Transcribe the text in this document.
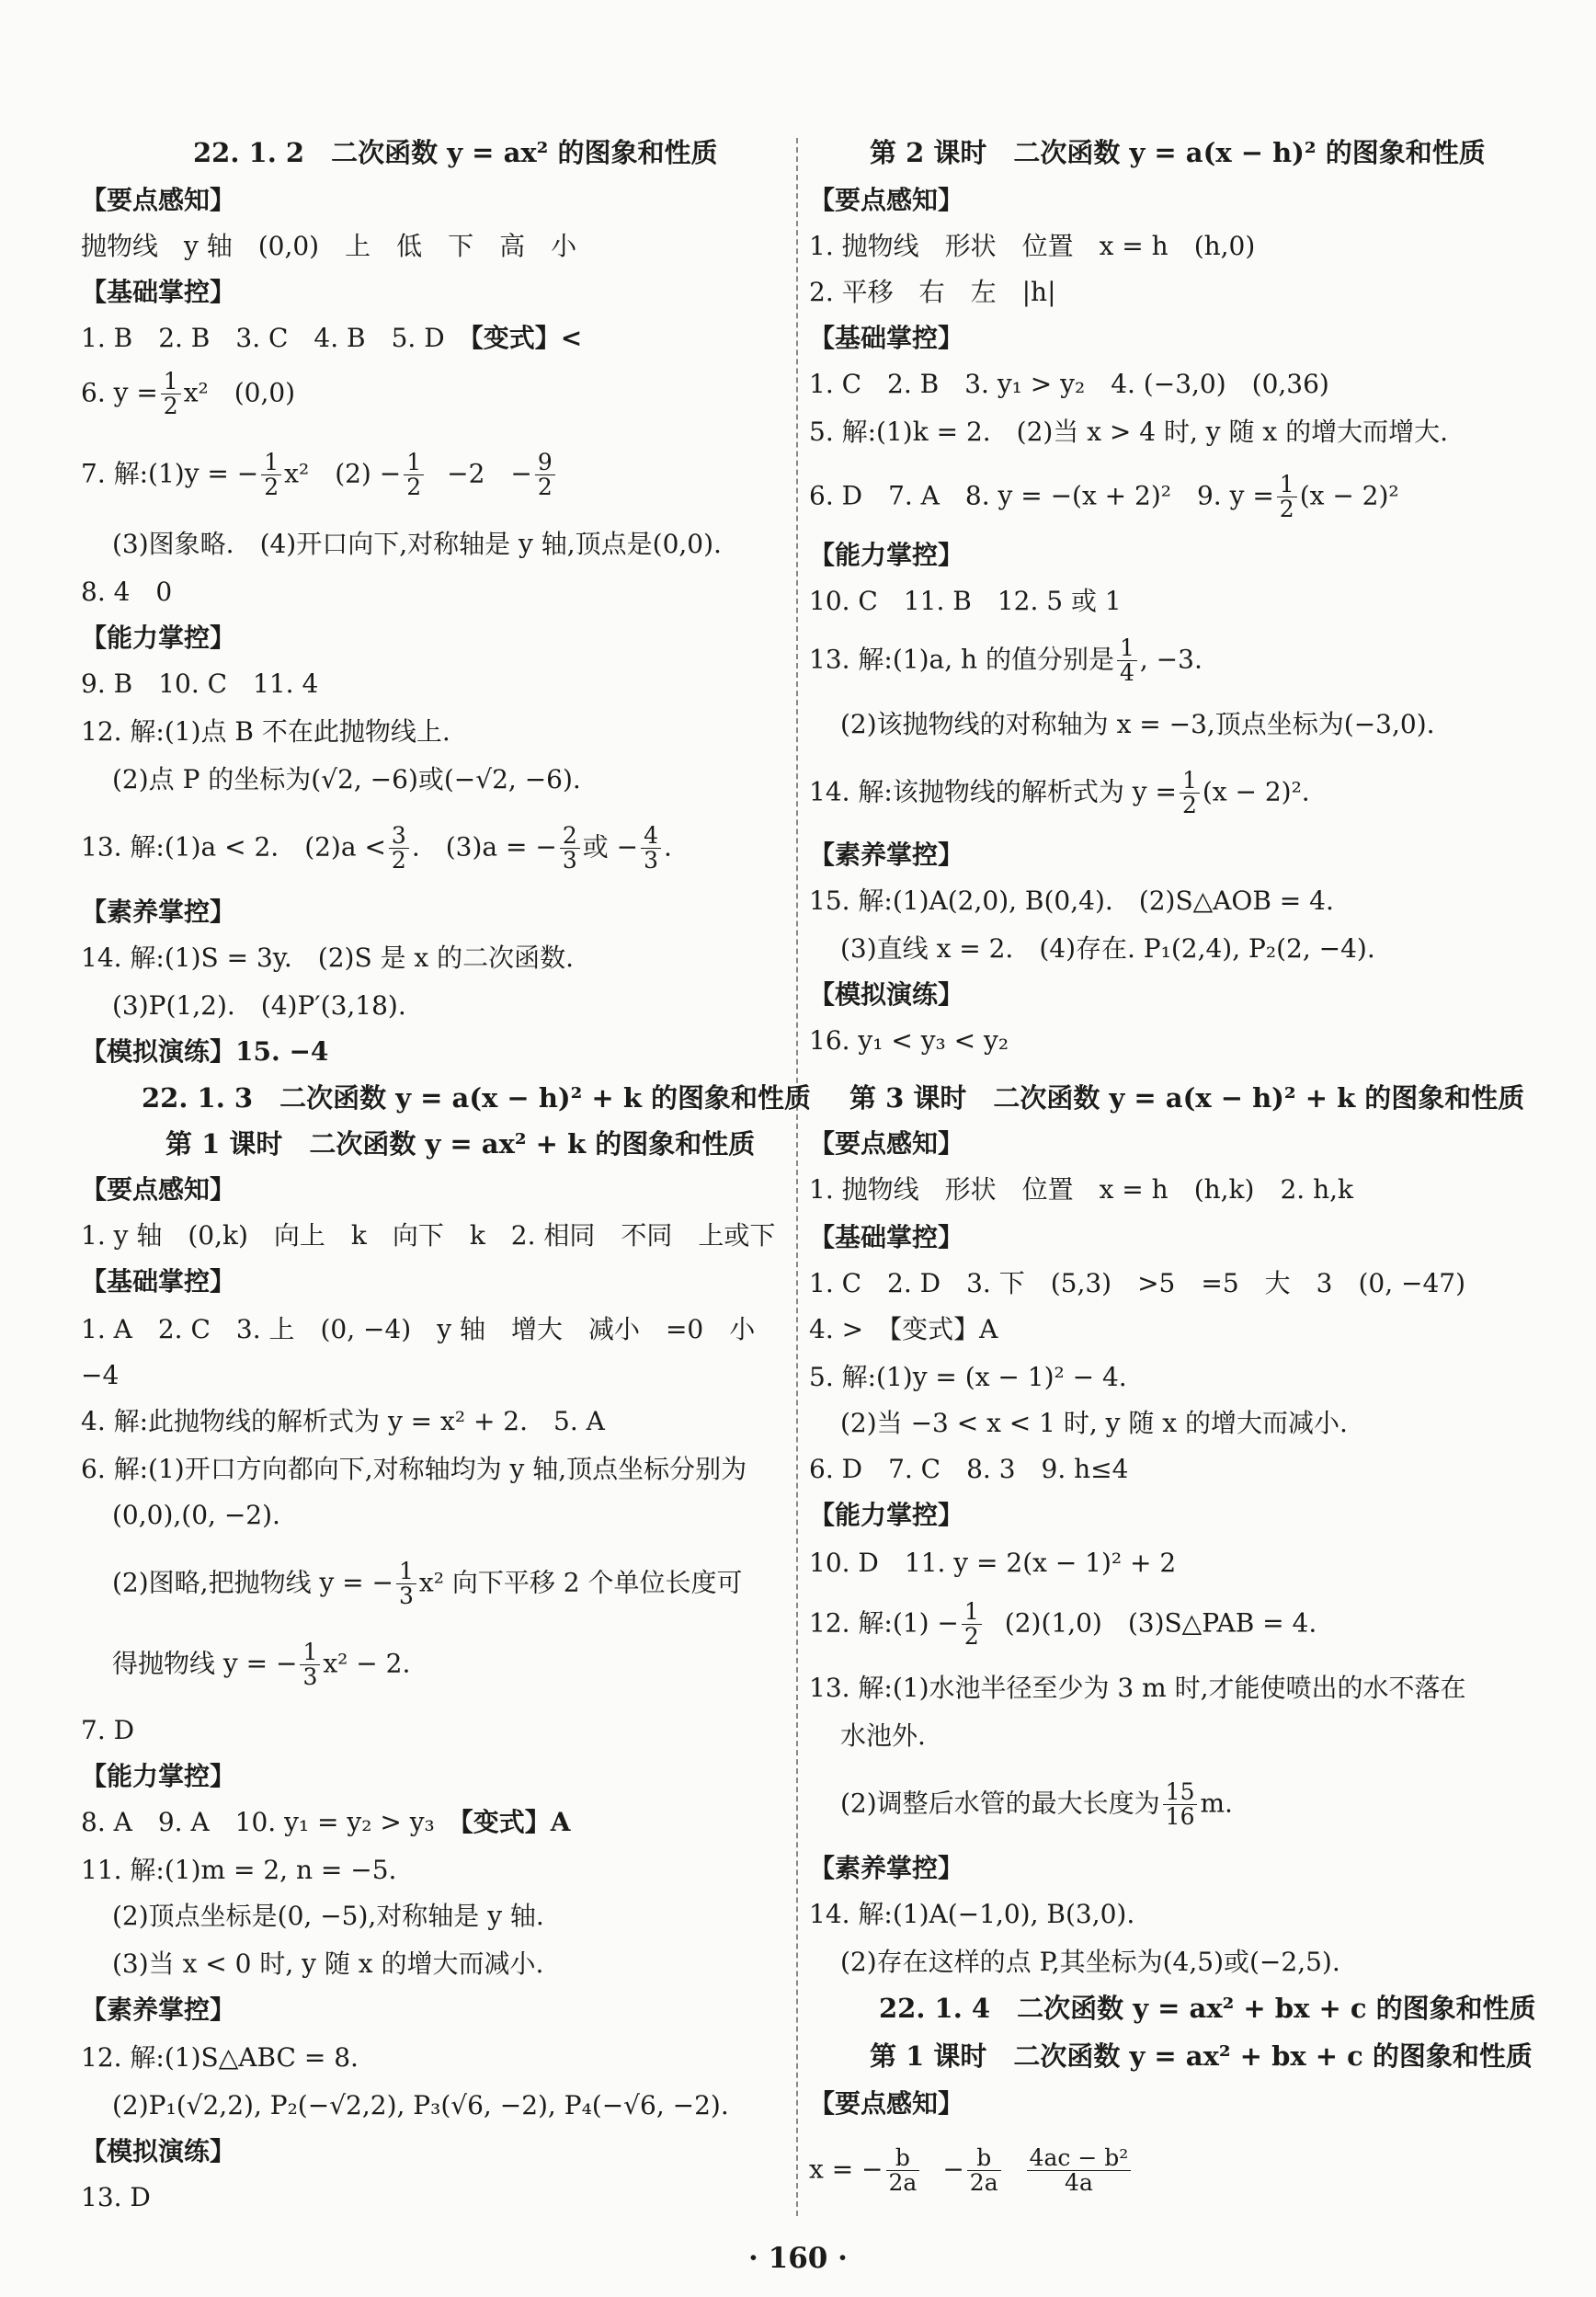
22. 1. 2　 二次函数 y = ax² 的图象和性质
【要点感知】
抛物线　y 轴　(0,0)　上　低　下　高　小
【基础掌控】
1. B　2. B　3. C　4. B　5. D　 【变式】<
6. $y = \frac{1}{2} x^2$　(0,0)
7. 解:(1)y = − $\frac{1}{2} x^2$　$(2) - \frac{1}{2} -2$　− $\frac{9}{2}$
(3)图象略.　(4)开口向下,对称轴是 y 轴,顶点是(0,0).
8. 4　0
【能力掌控】
9. B　10. C　11. 4
12. 解:(1)点 B 不在此抛物线上.
(2)点 P 的坐标为(√2, −6)或(−√2, −6).
13. 解:(1)a < 2.　$(2)a < \frac{3}{2}$ .　(3)a = − $\frac{2}{3}$ 或 − $\frac{4}{3}$ .
【素养掌控】
14. 解:(1)S = 3y.　(2)S 是 x 的二次函数.
(3)P(1,2).　(4)P′(3,18).
【模拟演练】15. −4
22. 1. 3　二次函数 y = a(x − h)² + k 的图象和性质
第 1 课时　二次函数 y = ax² + k 的图象和性质
【要点感知】
1. y 轴　(0,k)　向上　k　向下　k　2. 相同　不同　上或下
【基础掌控】
1. A　2. C　3. 上　(0, −4)　y 轴　增大　减小　=0　小
−4
4. 解:此抛物线的解析式为 y = x² + 2.　5. A
6. 解:(1)开口方向都向下,对称轴均为 y 轴,顶点坐标分别为
(0,0),(0, −2).
(2)图略,把抛物线 y = − $\frac{1}{3} x^2$ 向下平移 2 个单位长度可
得抛物线 y = − $\frac{1}{3} x^2 - 2$.
7. D
【能力掌控】
8. A　9. A　10. y₁ = y₂ > y₃　 【变式】A
11. 解:(1)m = 2, n = −5.
(2)顶点坐标是(0, −5),对称轴是 y 轴.
(3)当 x < 0 时, y 随 x 的增大而减小.
【素养掌控】
12. 解:(1)S△ABC = 8.
(2)P₁(√2,2), P₂(−√2,2), P₃(√6, −2), P₄(−√6, −2).
【模拟演练】
13. D
第 2 课时　二次函数 y = a(x − h)² 的图象和性质
【要点感知】
1. 抛物线　形状　位置　x = h　(h,0)
2. 平移　右　左　|h|
【基础掌控】
1. C　2. B　3. y₁ > y₂　4. (−3,0)　(0,36)
5. 解:(1)k = 2.　(2)当 x > 4 时, y 随 x 的增大而增大.
6. D　7. A　8. y = −(x + 2)²　9. $y = \frac{1}{2} (x - 2)^2$
【能力掌控】
10. C　11. B　12. 5 或 1
13. 解:(1)a, h 的值分别是 $\frac{1}{4}$ , −3.
(2)该抛物线的对称轴为 x = −3,顶点坐标为(−3,0).
14. 解:该抛物线的解析式为 $y = \frac{1}{2} (x - 2)^2$.
【素养掌控】
15. 解:(1)A(2,0), B(0,4).　(2)S△AOB = 4.
(3)直线 x = 2.　(4)存在. P₁(2,4), P₂(2, −4).
【模拟演练】
16. y₁ < y₃ < y₂
第 3 课时　二次函数 y = a(x − h)² + k 的图象和性质
【要点感知】
1. 抛物线　形状　位置　x = h　(h,k)　2. h,k
【基础掌控】
1. C　2. D　3. 下　(5,3)　>5　=5　大　3　(0, −47)
4. >　【变式】A
5. 解:(1)y = (x − 1)² − 4.
(2)当 −3 < x < 1 时, y 随 x 的增大而减小.
6. D　7. C　8. 3　9. h≤4
【能力掌控】
10. D　11. y = 2(x − 1)² + 2
12. 解:(1) − $\frac{1}{2} (2)(1,0)$　(3)S△PAB = 4.
13. 解:(1)水池半径至少为 3 m 时,才能使喷出的水不落在
水池外.
(2)调整后水管的最大长度为 $\frac{15}{16} m$.
【素养掌控】
14. 解:(1)A(−1,0), B(3,0).
(2)存在这样的点 P,其坐标为(4,5)或(−2,5).
22. 1. 4　二次函数 y = ax² + bx + c 的图象和性质
第 1 课时　二次函数 y = ax² + bx + c 的图象和性质
【要点感知】
x = − $\frac{b}{2a} - \frac{b}{2a} \frac{\text{4ac − b²}}{4a}$
· 160 ·
